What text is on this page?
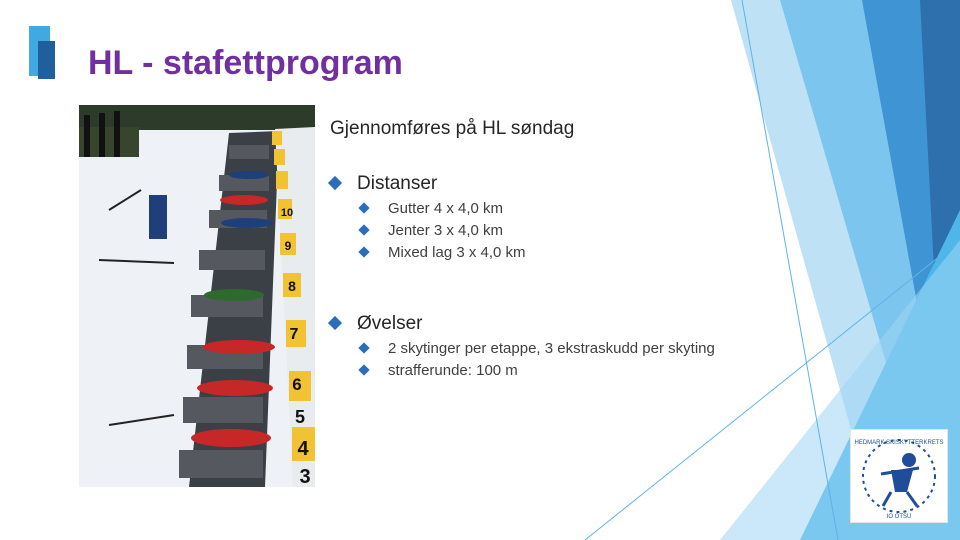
HL - stafettprogram
10
9
8
7
6
5
4
3
Gjennomføres på HL søndag
Distanser
Gutter 4 x 4,0 km
Jenter 3 x 4,0 km
Mixed lag 3 x 4,0 km
Øvelser
2 skytinger per etappe, 3 ekstraskudd per skyting
strafferunde: 100 m
HEDMARK SKISKYTTERKRETS
IO OTSU
